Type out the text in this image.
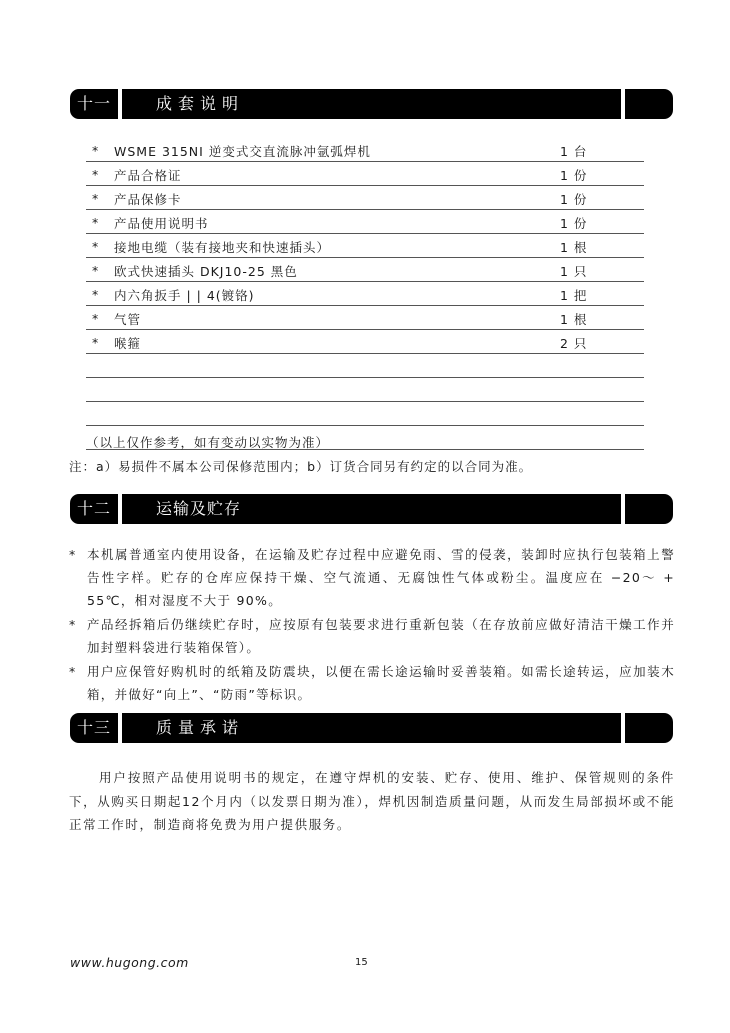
十一	成套说明
* WSME 315NI 逆变式交直流脉冲氩弧焊机	1 台
* 产品合格证	1 份
* 产品保修卡	1 份
* 产品使用说明书	1 份
* 接地电缆（装有接地夹和快速插头）	1 根
* 欧式快速插头 DKJ10-25 黑色	1 只
* 内六角扳手 | | 4(镀铬)	1 把
* 气管	1 根
* 喉箍	2 只
（以上仅作参考，如有变动以实物为准）
注：a）易损件不属本公司保修范围内；b）订货合同另有约定的以合同为准。
十二	运输及贮存
* 本机属普通室内使用设备，在运输及贮存过程中应避免雨、雪的侵袭，装卸时应执行包装箱上警告性字样。贮存的仓库应保持干燥、空气流通、无腐蚀性气体或粉尘。温度应在 −20～ + 55℃，相对湿度不大于 90%。
* 产品经拆箱后仍继续贮存时，应按原有包装要求进行重新包装（在存放前应做好清洁干燥工作并加封塑料袋进行装箱保管）。
* 用户应保管好购机时的纸箱及防震块，以便在需长途运输时妥善装箱。如需长途转运，应加装木箱，并做好“向上”、“防雨”等标识。
十三	质量承诺
用户按照产品使用说明书的规定，在遵守焊机的安装、贮存、使用、维护、保管规则的条件下，从购买日期起12个月内（以发票日期为准），焊机因制造质量问题，从而发生局部损坏或不能正常工作时，制造商将免费为用户提供服务。
www.hugong.com	15
